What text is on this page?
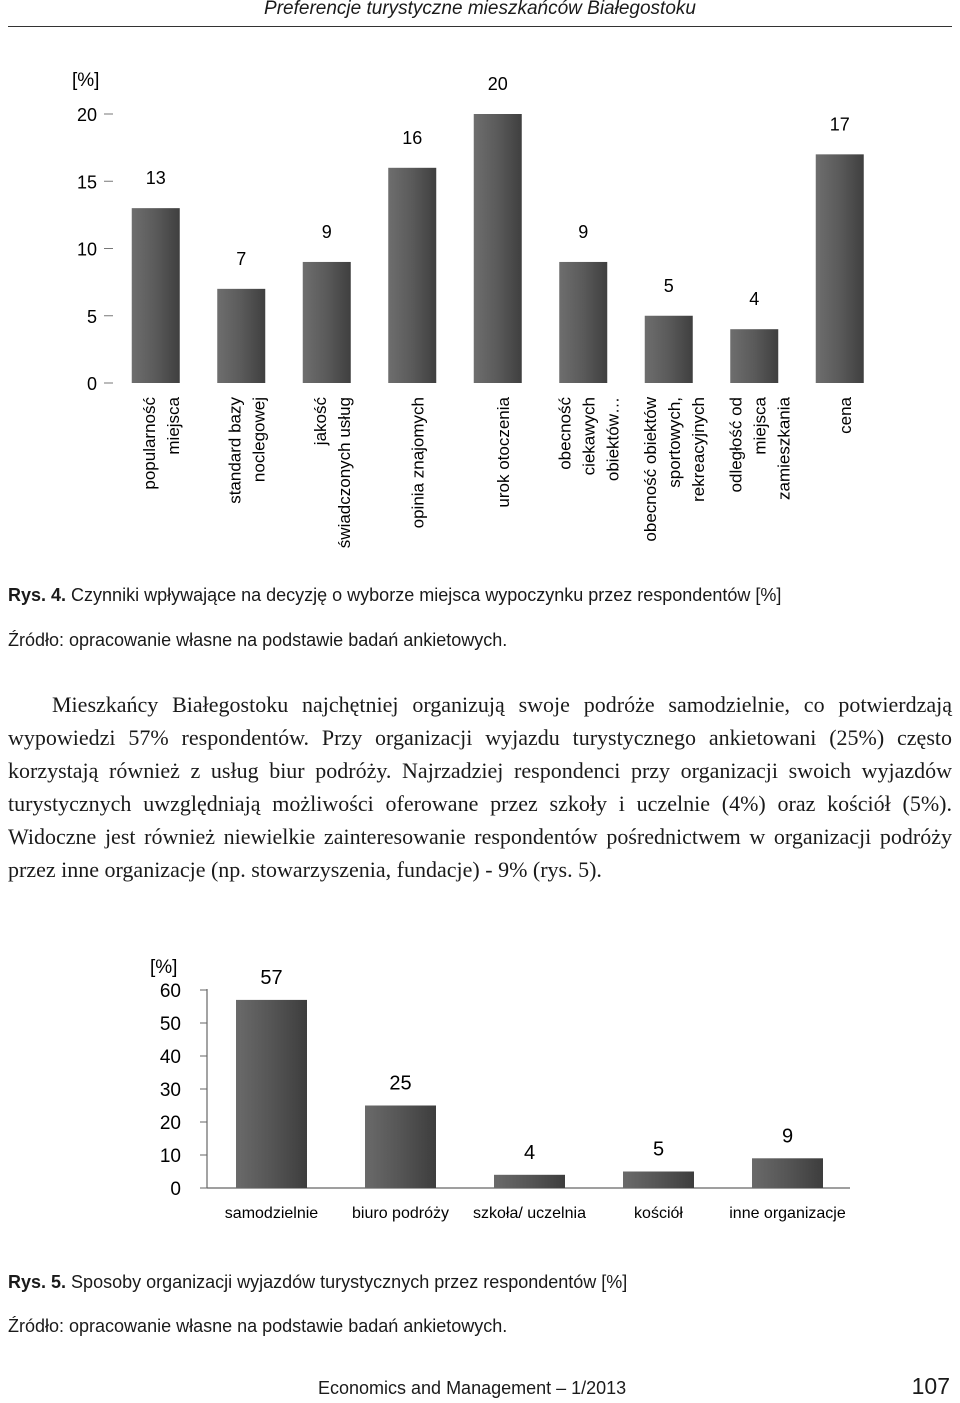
Preferencje turystyczne mieszkańców Białegostoku
[%]
0
5
10
15
20
13
7
9
16
20
9
5
4
17
popularność miejsca	standard bazy noclegowej	jakość świadczonych usług	opinia znajomych	urok otoczenia	obecność ciekawych obiektów… obecność obiektów sportowych, rekreacyjnych odległość od miejsca zamieszkania	cena
Rys. 4. Czynniki wpływające na decyzję o wyborze miejsca wypoczynku przez respondentów [%]
Źródło: opracowanie własne na podstawie badań ankietowych.

Mieszkańcy Białegostoku najchętniej organizują swoje podróże samodzielnie, co potwierdzają wypowiedzi 57% respondentów. Przy organizacji wyjazdu turystycznego ankietowani (25%) często korzystają również z usług biur podróży. Najrzadziej respondenci przy organizacji swoich wyjazdów turystycznych uwzględniają możliwości oferowane przez szkoły i uczelnie (4%) oraz kościół (5%). Widoczne jest również niewielkie zainteresowanie respondentów pośrednictwem w organizacji podróży przez inne organizacje (np. stowarzyszenia, fundacje) - 9% (rys. 5).

[%]
0
10
20
30
40
50
60
57
25
4	5
9
samodzielnie biuro podróży szkoła/ uczelnia	kościół	inne organizacje
Rys. 5. Sposoby organizacji wyjazdów turystycznych przez respondentów [%]
Źródło: opracowanie własne na podstawie badań ankietowych.
Economics and Management – 1/2013	107
